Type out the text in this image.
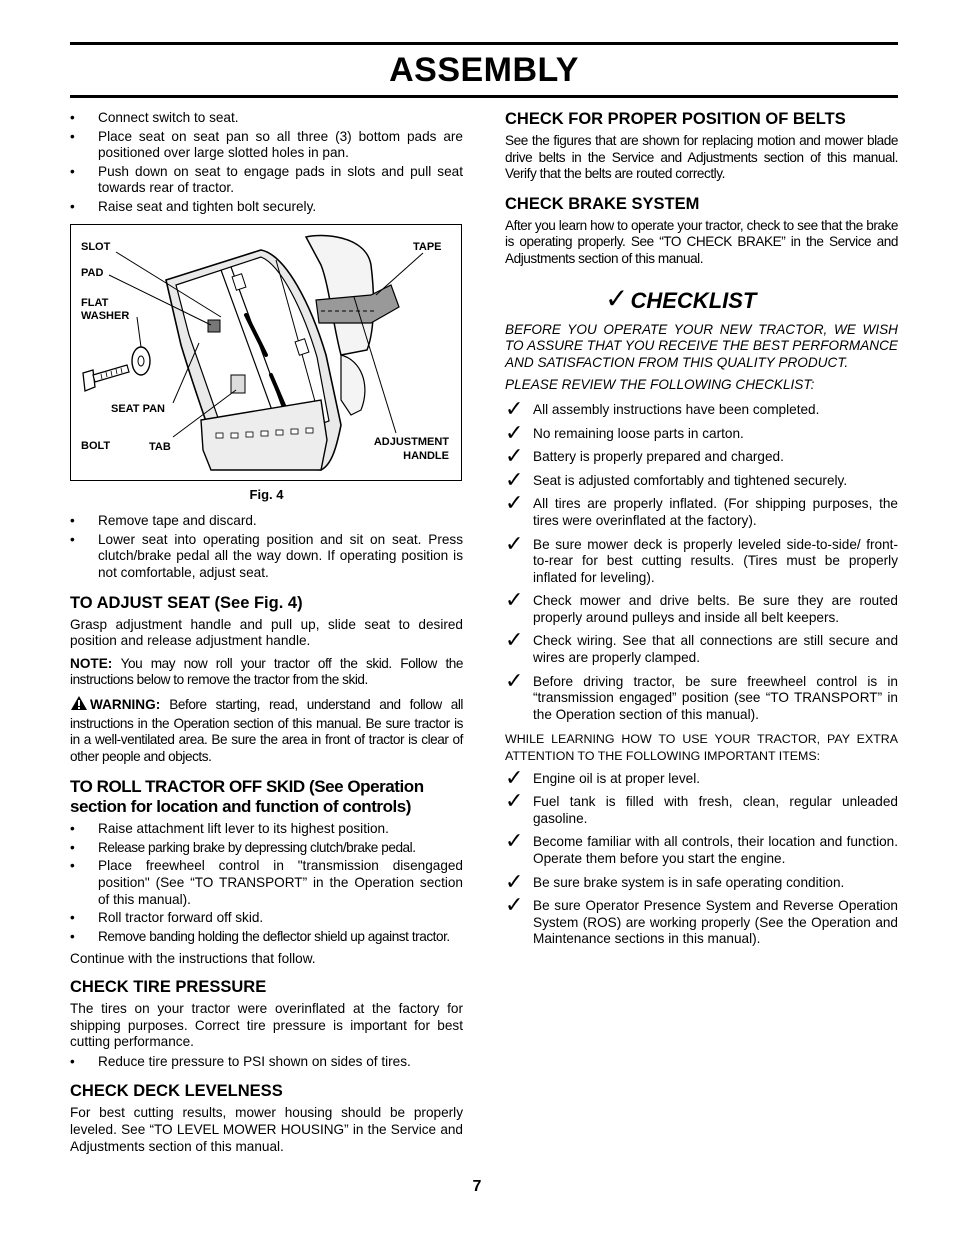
ASSEMBLY
• Connect switch to seat.
• Place seat on seat pan so all three (3) bottom pads are positioned over large slotted holes in pan.
• Push down on seat to engage pads in slots and pull seat towards rear of tractor.
• Raise seat and tighten bolt securely.
SLOT
PAD
FLAT
WASHER
SEAT PAN
BOLT	TAB
TAPE
ADJUSTMENT
HANDLE
Fig. 4
• Remove tape and discard.
• Lower seat into operating position and sit on seat. Press clutch/brake pedal all the way down. If operating position is not comfortable, adjust seat.
TO ADJUST SEAT (See Fig. 4)

Grasp adjustment handle and pull up, slide seat to desired position and release adjustment handle.

NOTE: You may now roll your tractor off the skid. Follow the instructions below to remove the tractor from the skid.

WARNING: Before starting, read, understand and follow all instructions in the Operation section of this manual. Be sure tractor is in a well-ventilated area. Be sure the area in front of tractor is clear of other people and objects.

TO ROLL TRACTOR OFF SKID (See Operation section for location and function of controls)
• Raise attachment lift lever to its highest position.
• Release parking brake by depressing clutch/brake pedal.
• Place freewheel control in "transmission disengaged position" (See “TO TRANSPORT” in the Operation section of this manual).
• Roll tractor forward off skid.
• Remove banding holding the deflector shield up against tractor.

Continue with the instructions that follow.

CHECK TIRE PRESSURE

The tires on your tractor were overinflated at the factory for shipping purposes. Correct tire pressure is important for best cutting performance.

• Reduce tire pressure to PSI shown on sides of tires.
CHECK DECK LEVELNESS

For best cutting results, mower housing should be properly leveled. See “TO LEVEL MOWER HOUSING” in the Service and Adjustments section of this manual.

CHECK FOR PROPER POSITION OF BELTS

See the figures that are shown for replacing motion and mower blade drive belts in the Service and Adjustments section of this manual. Verify that the belts are routed correctly.

CHECK BRAKE SYSTEM

After you learn how to operate your tractor, check to see that the brake is operating properly. See “TO CHECK BRAKE” in the Service and Adjustments section of this manual.

✓CHECKLIST

BEFORE YOU OPERATE YOUR NEW TRACTOR, WE WISH TO ASSURE THAT YOU RECEIVE THE BEST PERFORMANCE AND SATISFACTION FROM THIS QUALITY PRODUCT.

PLEASE REVIEW THE FOLLOWING CHECKLIST:

✓ All assembly instructions have been completed.
✓ No remaining loose parts in carton.
✓ Battery is properly prepared and charged.
✓ Seat is adjusted comfortably and tightened securely.
✓ All tires are properly inflated. (For shipping purposes, the tires were overinflated at the factory).
✓ Be sure mower deck is properly leveled side-to-side/ front-to-rear for best cutting results. (Tires must be properly inflated for leveling).
✓ Check mower and drive belts. Be sure they are routed properly around pulleys and inside all belt keepers.
✓ Check wiring. See that all connections are still secure and wires are properly clamped.
✓ Before driving tractor, be sure freewheel control is in “transmission engaged” position (see “TO TRANSPORT” in the Operation section of this manual).

WHILE LEARNING HOW TO USE YOUR TRACTOR, PAY EXTRA ATTENTION TO THE FOLLOWING IMPORTANT ITEMS:

✓ Engine oil is at proper level.
✓ Fuel tank is filled with fresh, clean, regular unleaded gasoline.
✓ Become familiar with all controls, their location and function. Operate them before you start the engine.
✓ Be sure brake system is in safe operating condition.
✓ Be sure Operator Presence System and Reverse Operation System (ROS) are working properly (See the Operation and Maintenance sections in this manual).
7
